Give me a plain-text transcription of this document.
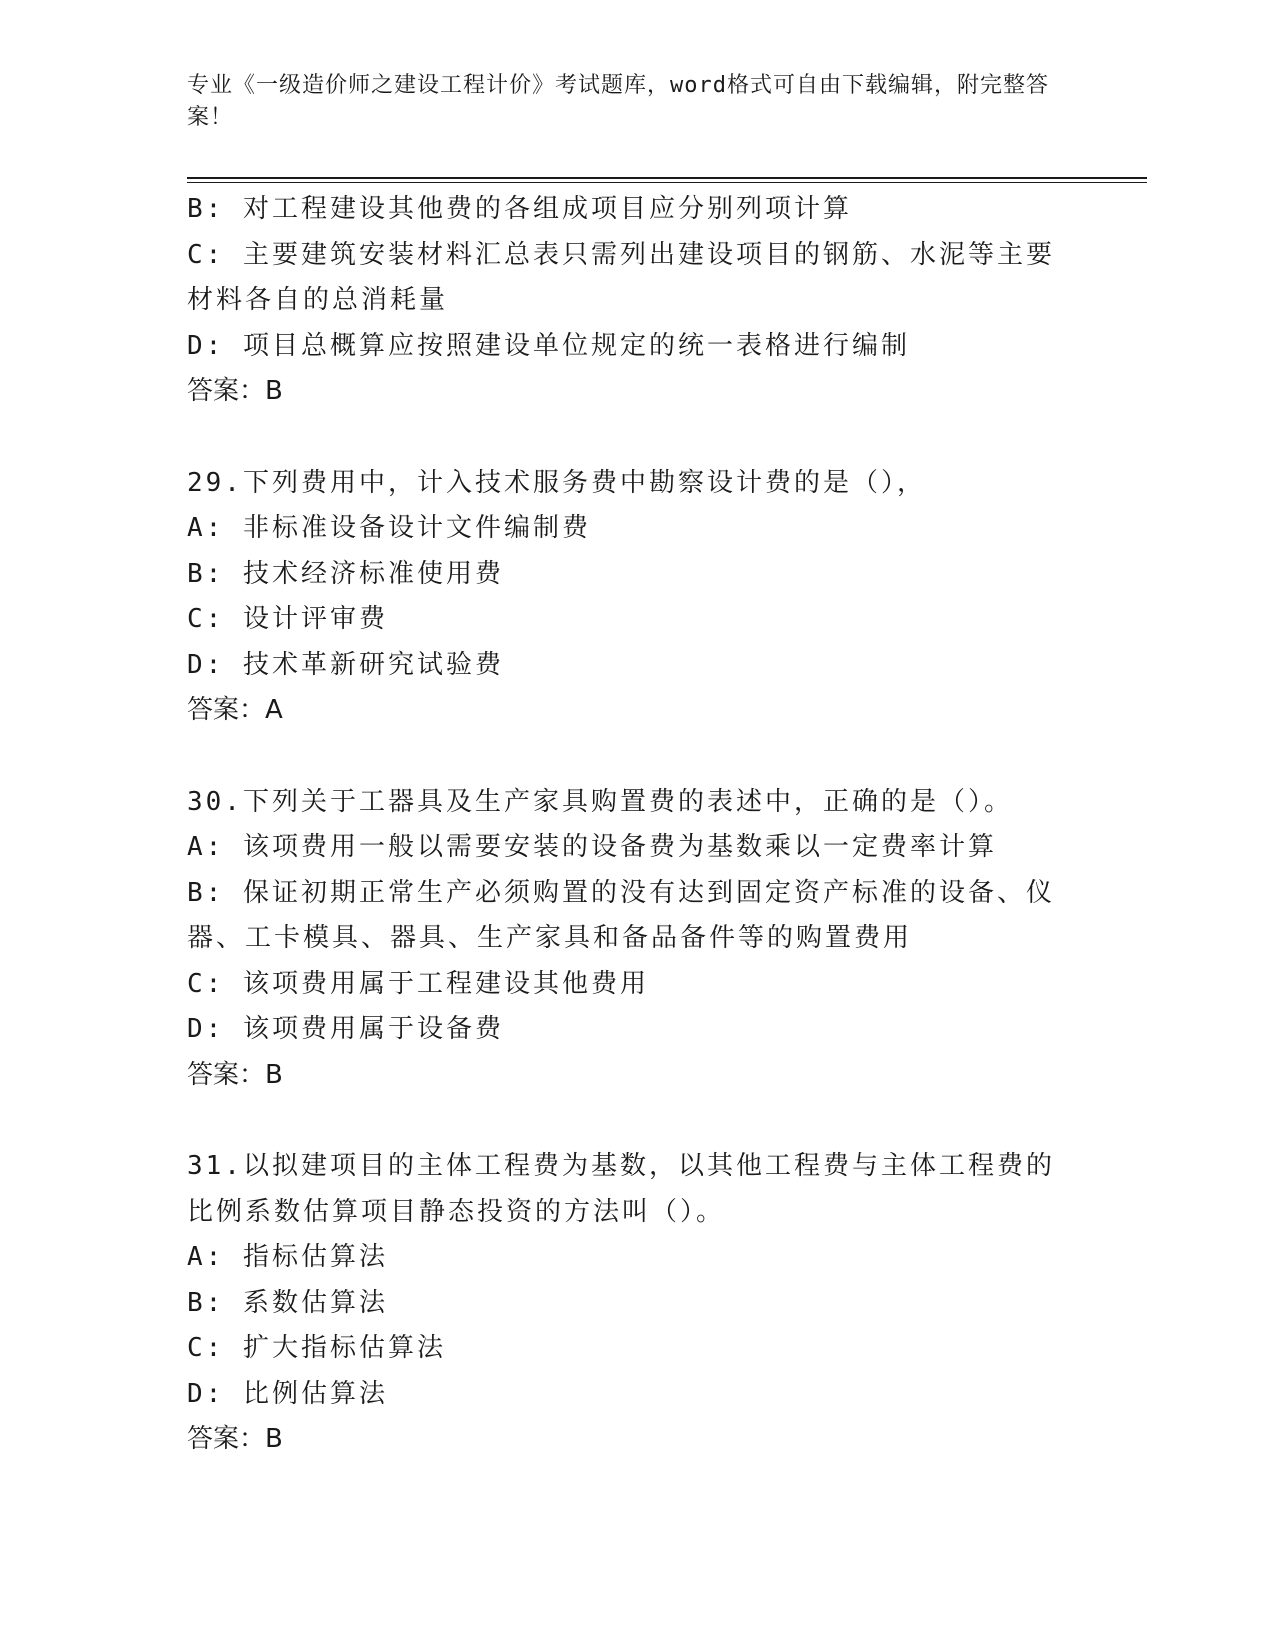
专业《一级造价师之建设工程计价》考试题库，word格式可自由下载编辑，附完整答案！
B: 对工程建设其他费的各组成项目应分别列项计算
C: 主要建筑安装材料汇总表只需列出建设项目的钢筋、水泥等主要材料各自的总消耗量
D: 项目总概算应按照建设单位规定的统一表格进行编制
答案：B
29.下列费用中，计入技术服务费中勘察设计费的是（），
A: 非标准设备设计文件编制费
B: 技术经济标准使用费
C: 设计评审费
D: 技术革新研究试验费
答案：A
30.下列关于工器具及生产家具购置费的表述中，正确的是（）。
A: 该项费用一般以需要安装的设备费为基数乘以一定费率计算
B: 保证初期正常生产必须购置的没有达到固定资产标准的设备、仪器、工卡模具、器具、生产家具和备品备件等的购置费用
C: 该项费用属于工程建设其他费用
D: 该项费用属于设备费
答案：B
31.以拟建项目的主体工程费为基数，以其他工程费与主体工程费的比例系数估算项目静态投资的方法叫（）。
A: 指标估算法
B: 系数估算法
C: 扩大指标估算法
D: 比例估算法
答案：B
